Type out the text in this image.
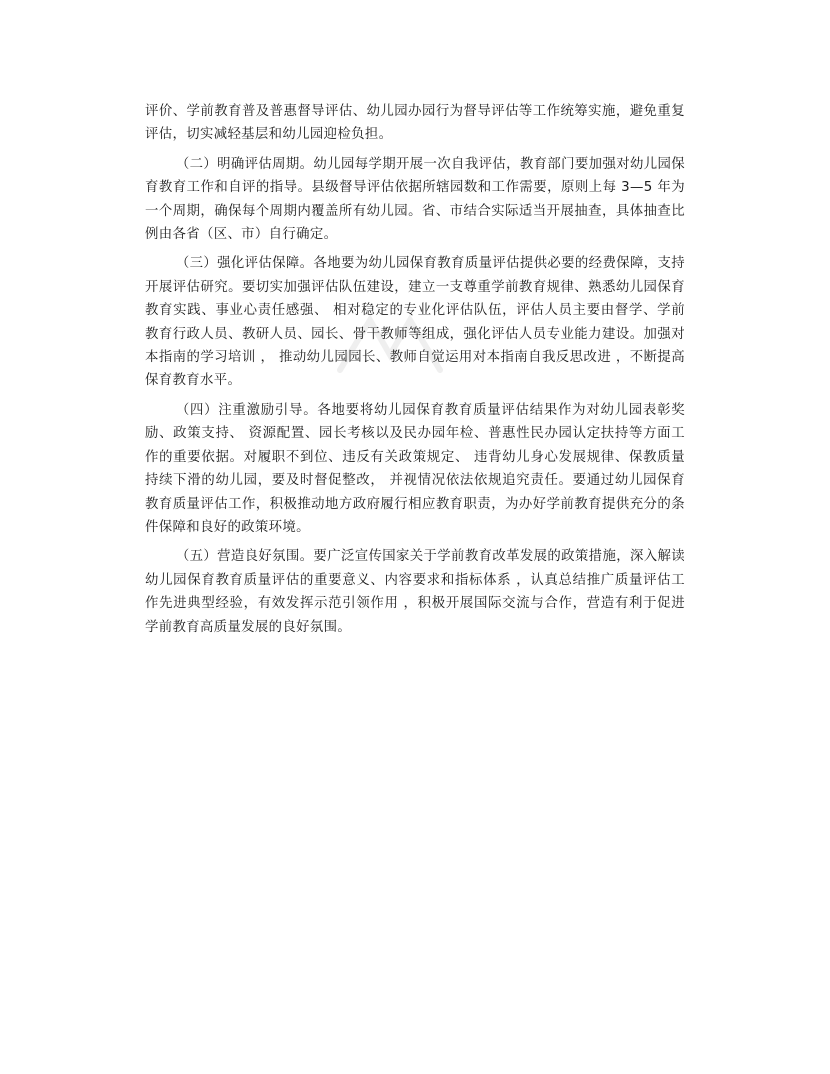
评价、学前教育普及普惠督导评估、幼儿园办园行为督导评估等工作统筹实施，避免重复评估，切实减轻基层和幼儿园迎检负担。

（二）明确评估周期。幼儿园每学期开展一次自我评估，教育部门要加强对幼儿园保育教育工作和自评的指导。县级督导评估依据所辖园数和工作需要，原则上每 3—5 年为一个周期，确保每个周期内覆盖所有幼儿园。省、市结合实际适当开展抽查，具体抽查比例由各省（区、市）自行确定。

（三）强化评估保障。各地要为幼儿园保育教育质量评估提供必要的经费保障，支持开展评估研究。要切实加强评估队伍建设，建立一支尊重学前教育规律、熟悉幼儿园保育教育实践、事业心责任感强、 相对稳定的专业化评估队伍，评估人员主要由督学、学前教育行政人员、教研人员、园长、骨干教师等组成，强化评估人员专业能力建设。加强对本指南的学习培训 ， 推动幼儿园园长、教师自觉运用对本指南自我反思改进 ，不断提高保育教育水平。

（四）注重激励引导。各地要将幼儿园保育教育质量评估结果作为对幼儿园表彰奖励、政策支持、 资源配置、园长考核以及民办园年检、普惠性民办园认定扶持等方面工作的重要依据。对履职不到位、违反有关政策规定、 违背幼儿身心发展规律、保教质量持续下滑的幼儿园，要及时督促整改， 并视情况依法依规追究责任。要通过幼儿园保育教育质量评估工作，积极推动地方政府履行相应教育职责，为办好学前教育提供充分的条件保障和良好的政策环境。

（五）营造良好氛围。要广泛宣传国家关于学前教育改革发展的政策措施，深入解读幼儿园保育教育质量评估的重要意义、内容要求和指标体系 ，认真总结推广质量评估工作先进典型经验，有效发挥示范引领作用 ，积极开展国际交流与合作，营造有利于促进学前教育高质量发展的良好氛围。
